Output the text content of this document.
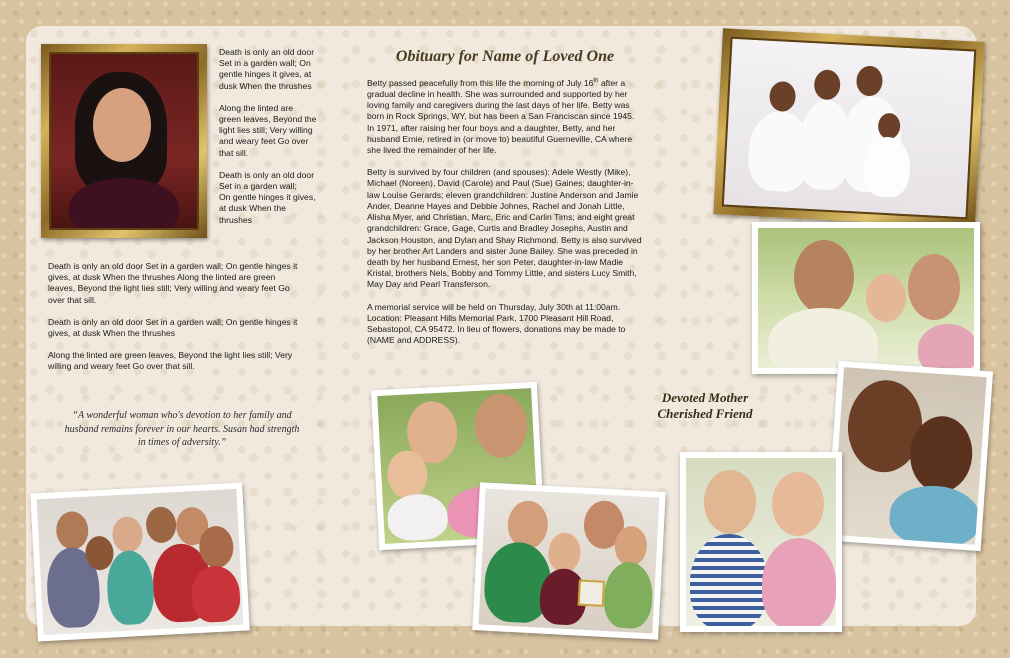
Death is only an old door
Set in a garden wall; On
gentle hinges it gives, at
dusk When the thrushes

Along the linted are
green leaves, Beyond the
light lies still; Very willing
and weary feet Go over
that sill.

Death is only an old door
Set in a garden wall;
On gentle hinges it gives,
at dusk When the
thrushes

Death is only an old door Set in a garden wall; On gentle hinges it
gives, at dusk When the thrushes Along the linted are green
leaves, Beyond the light lies still; Very willing and weary feet Go
over that sill.

Death is only an old door Set in a garden wall; On gentle hinges it
gives, at dusk When the thrushes

Along the linted are green leaves, Beyond the light lies still; Very
willing and weary feet Go over that sill.

“A wonderful woman who's devotion to her family and
husband remains forever in our hearts. Susan had strength
in times of adversity.”
Obituary for Name of Loved One

Betty passed peacefully from this life the morning of July 16th after a gradual decline in health. She was surrounded and supported by her loving family and caregivers during the last days of her life. Betty was born in Rock Springs, WY, but has been a San Franciscan since 1945. In 1971, after raising her four boys and a daughter, Betty, and her husband Ernie, retired in (or move to) beautiful Guerneville, CA where she lived the remainder of her life.

Betty is survived by four children (and spouses): Adele Westly (Mike), Michael (Noreen), David (Carole) and Paul (Sue) Gaines; daughter-in-law Louise Gerards; eleven grandchildren: Justine Anderson and Jamie Ander, Deanne Hayes and Debbie Johnes, Rachel and Jonah Little, Alisha Myer, and Christian, Marc, Eric and Carlin Tims; and eight great grandchildren: Grace, Gage, Curtis and Bradley Josephs, Austin and Jackson Houston, and Dylan and Shay Richmond. Betty is also survived by her brother Art Landers and sister June Bailey. She was preceded in death by her husband Ernest, her son Peter, daughter-in-law Madie Kristal, brothers Nels, Bobby and Tommy Little, and sisters Lucy Smith, May Day and Pearl Transferson.

A memorial service will be held on Thursday, July 30th at 11:00am. Location: Pleasant Hills Memorial Park, 1700 Pleasant Hill Road, Sebastopol, CA 95472. In lieu of flowers, donations may be made to (NAME and ADDRESS).

Devoted Mother
Cherished Friend
